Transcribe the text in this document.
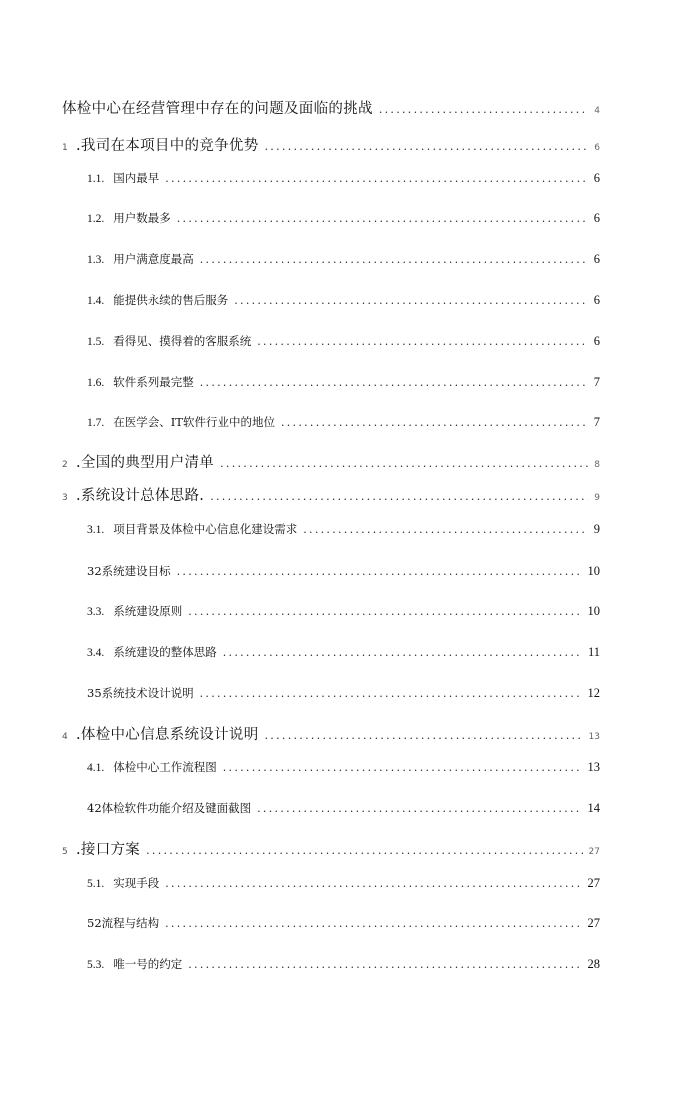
体检中心在经营管理中存在的问题及面临的挑战 . . .	4
1 .我司在本项目中的竞争优势 . . .	6
1.1. 国内最早 . . .	6
1.2. 用户数最多 . . .	6
1.3. 用户满意度最高 . . .	6
1.4. 能提供永续的售后服务 . . .	6
1.5. 看得见、摸得着的客服系统 . . .	6
1.6. 软件系列最完整 . . .	7
1.7. 在医学会、IT软件行业中的地位 . . .	7
2 .全国的典型用户清单 . . .	8
3 .系统设计总体思路. . . .	9
3.1. 项目背景及体检中心信息化建设需求 . . .	9
32系统建设目标 . . .	10
3.3. 系统建设原则 . . .	10
3.4. 系统建设的整体思路 . . .	11
35系统技术设计说明 . . .	12
4 .体检中心信息系统设计说明 . . .	13
4.1. 体检中心工作流程图 . . .	13
42体检软件功能介绍及键面截图 . . .	14
5 .接口方案 . . .	27
5.1. 实现手段 . . .	27
52流程与结构 . . .	27
5.3. 唯一号的约定 . . .	28
